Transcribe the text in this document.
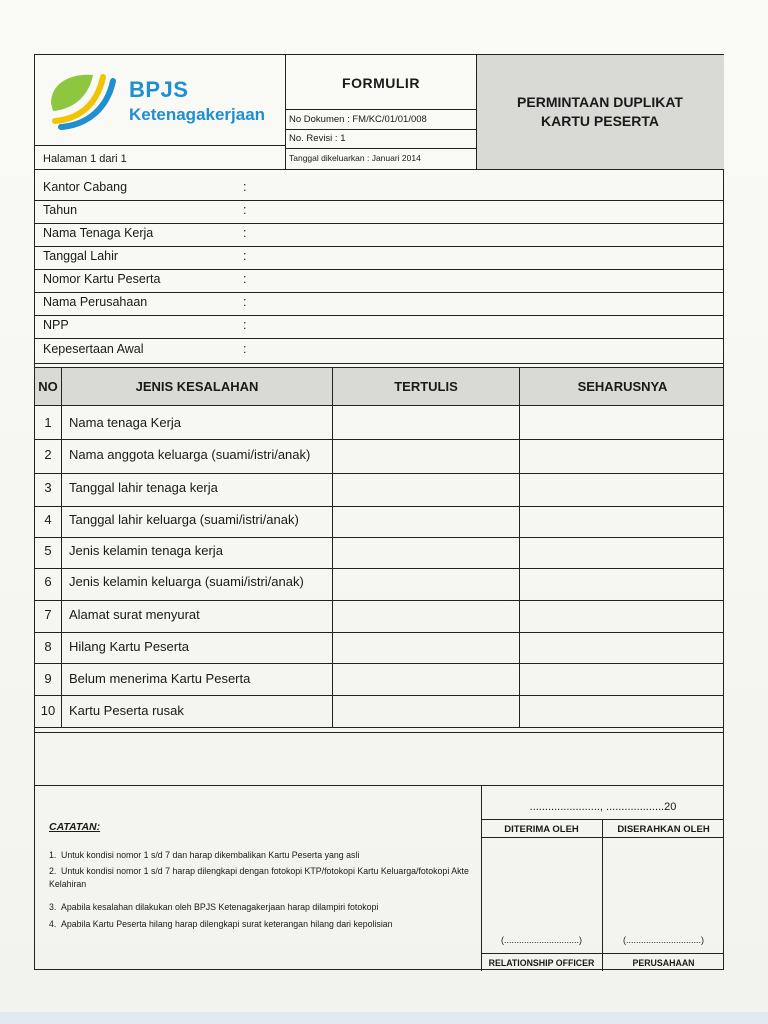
BPJS
Ketenagakerjaan
Halaman 1 dari 1
FORMULIR
No Dokumen : FM/KC/01/01/008
No. Revisi : 1
Tanggal dikeluarkan : Januari 2014
PERMINTAAN DUPLIKAT
KARTU PESERTA
Kantor Cabang	:
Tahun	:
Nama Tenaga Kerja	:
Tanggal Lahir	:
Nomor Kartu Peserta	:
Nama Perusahaan	:
NPP	:
Kepesertaan Awal	:
NO	JENIS KESALAHAN	TERTULIS	SEHARUSNYA
1	Nama tenaga Kerja
2	Nama anggota keluarga (suami/istri/anak)
3	Tanggal lahir tenaga kerja
4	Tanggal lahir keluarga (suami/istri/anak)
5	Jenis kelamin tenaga kerja
6	Jenis kelamin keluarga (suami/istri/anak)
7	Alamat surat menyurat
8	Hilang Kartu Peserta
9	Belum menerima Kartu Peserta
10	Kartu Peserta rusak
......................., ...................20
DITERIMA OLEH	DISERAHKAN OLEH
(..............................)	(..............................)
RELATIONSHIP OFFICER	PERUSAHAAN
CATATAN:
1. Untuk kondisi nomor 1 s/d 7 dan harap dikembalikan Kartu Peserta yang asli
2. Untuk kondisi nomor 1 s/d 7 harap dilengkapi dengan fotokopi KTP/fotokopi Kartu Keluarga/fotokopi Akte Kelahiran
3. Apabila kesalahan dilakukan oleh BPJS Ketenagakerjaan harap dilampiri fotokopi
4. Apabila Kartu Peserta hilang harap dilengkapi surat keterangan hilang dari kepolisian
